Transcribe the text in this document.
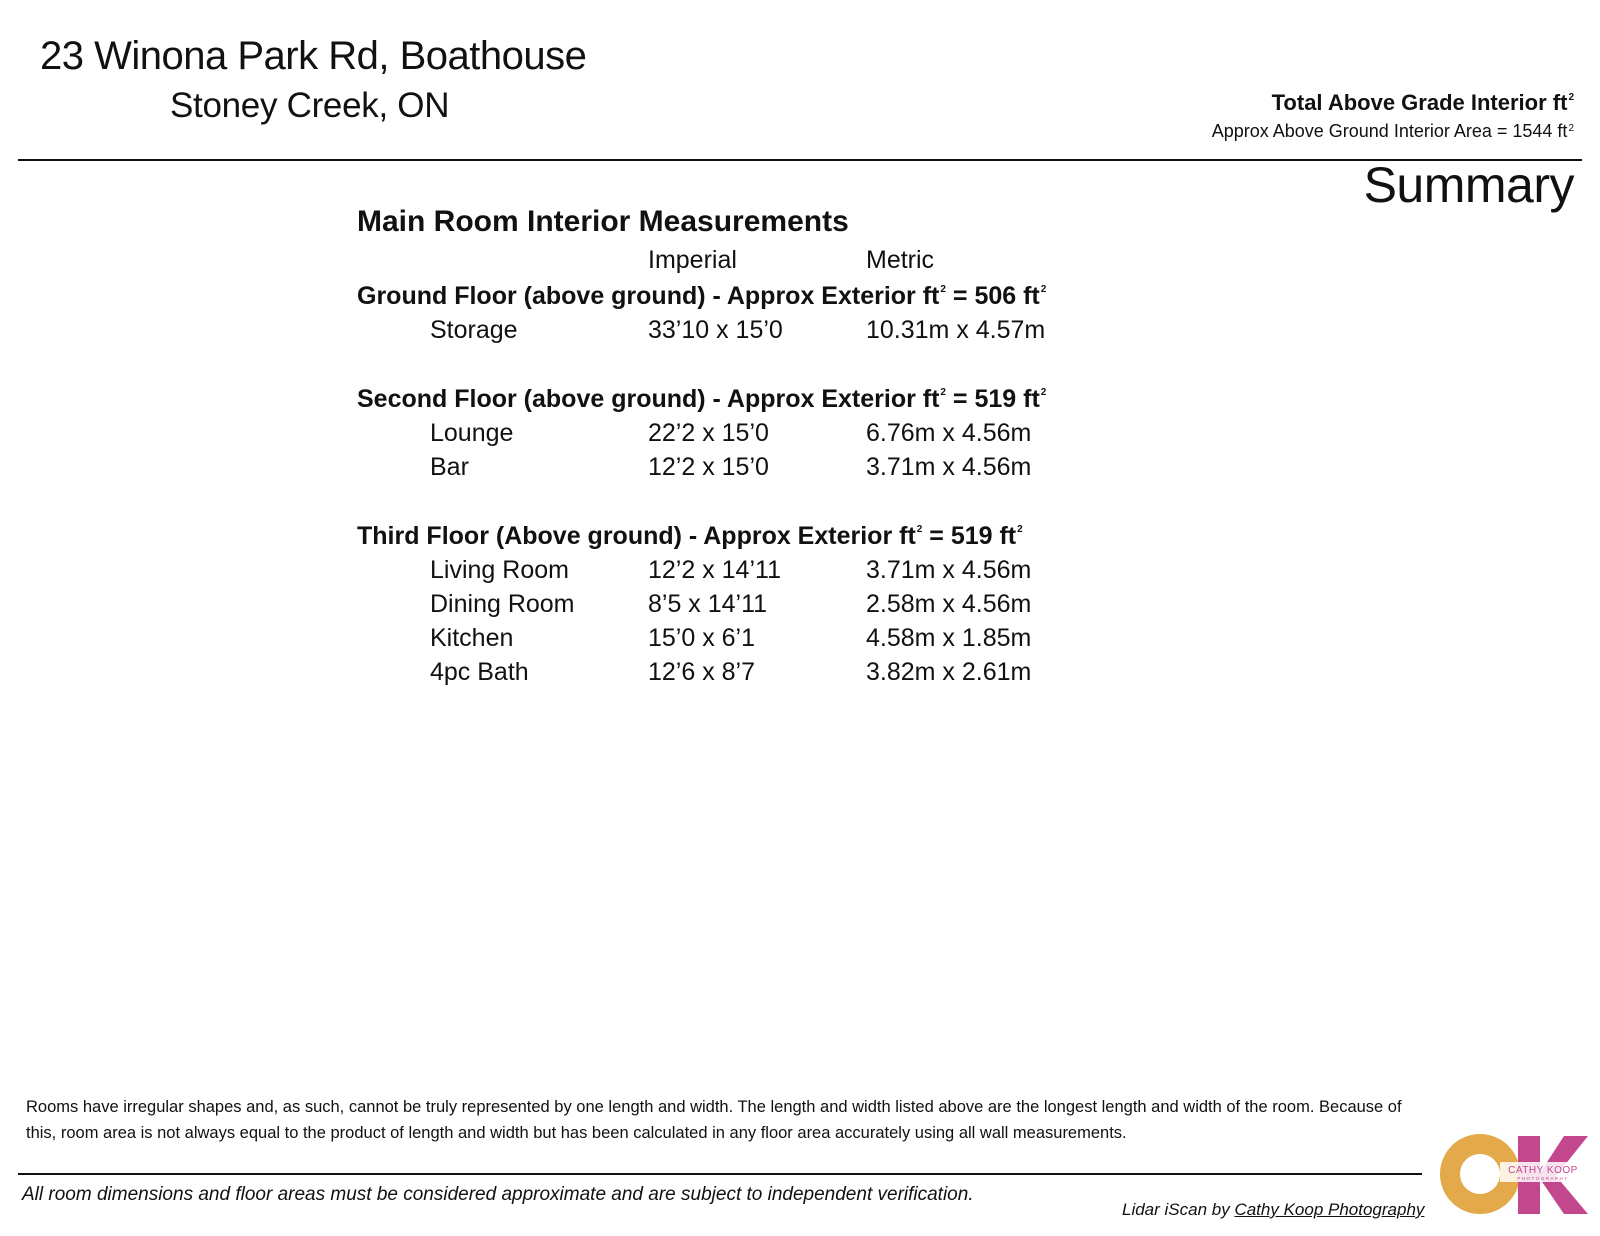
23 Winona Park Rd, Boathouse
Stoney Creek, ON	Total Above Grade Interior $ft^2$
Approx Above Ground Interior Area = 1544 $ft^2$
Summary
Main Room Interior Measurements
Imperial	Metric
Ground Floor (above ground) - Approx Exterior $ft^2 = 506$ $ft^2$
Storage	33’10 x 15’0	10.31m x 4.57m
Second Floor (above ground) - Approx Exterior $ft^2 = 519$ $ft^2$
Lounge	22’2 x 15’0	6.76m x 4.56m
Bar	12’2 x 15’0	3.71m x 4.56m
Third Floor (Above ground) - Approx Exterior $ft^2 = 519$ $ft^2$
Living Room	12’2 x 14’11	3.71m x 4.56m
Dining Room	8’5 x 14’11	2.58m x 4.56m
Kitchen	15’0 x 6’1	4.58m x 1.85m
4pc Bath	12’6 x 8’7	3.82m x 2.61m
Rooms have irregular shapes and, as such, cannot be truly represented by one length and width. The length and width listed above are the longest length and width of the room. Because of this, room area is not always equal to the product of length and width but has been calculated in any floor area accurately using all wall measurements.
All room dimensions and floor areas must be considered approximate and are subject to independent verification.
Lidar iScan by Cathy Koop Photography
CATHY KOOP
PHOTOGRAPHY
